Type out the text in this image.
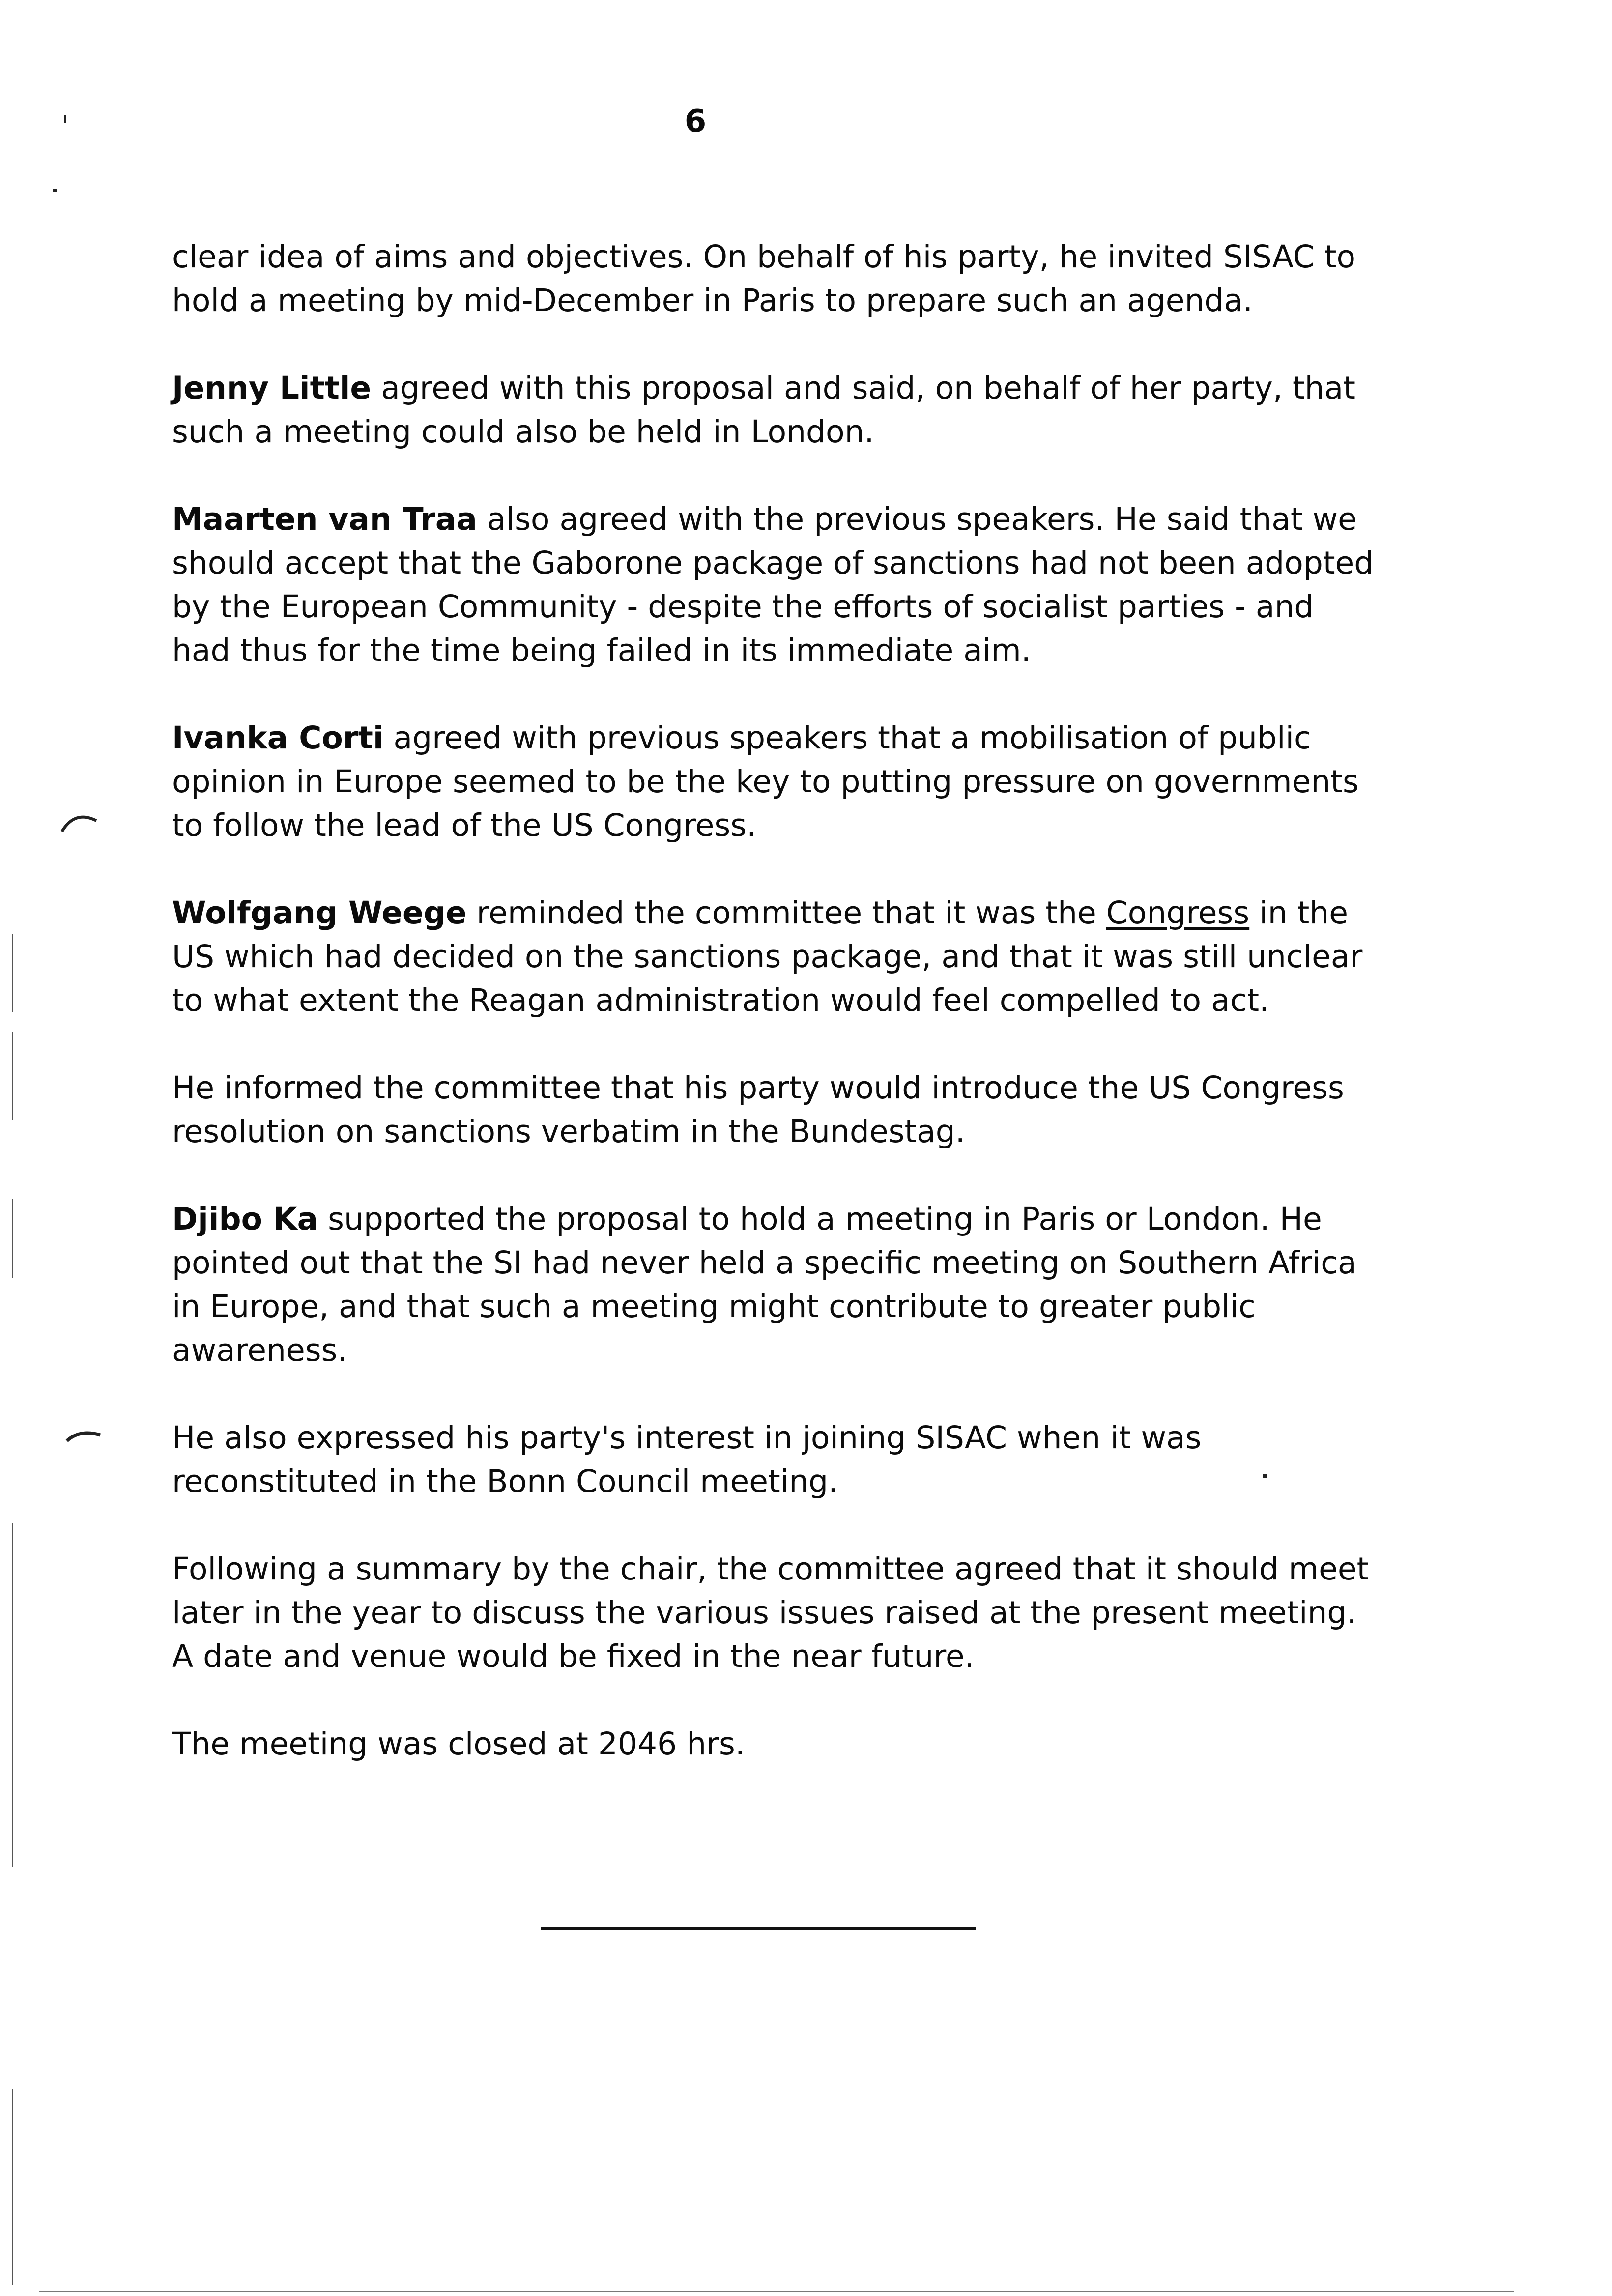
6

clear idea of aims and objectives. On behalf of his party, he invited SISAC to hold a meeting by mid-December in Paris to prepare such an agenda.

Jenny Little agreed with this proposal and said, on behalf of her party, that such a meeting could also be held in London.

Maarten van Traa also agreed with the previous speakers. He said that we should accept that the Gaborone package of sanctions had not been adopted by the European Community - despite the efforts of socialist parties - and had thus for the time being failed in its immediate aim.

Ivanka Corti agreed with previous speakers that a mobilisation of public opinion in Europe seemed to be the key to putting pressure on governments to follow the lead of the US Congress.

Wolfgang Weege reminded the committee that it was the Congress in the US which had decided on the sanctions package, and that it was still unclear to what extent the Reagan administration would feel compelled to act.

He informed the committee that his party would introduce the US Congress resolution on sanctions verbatim in the Bundestag.

Djibo Ka supported the proposal to hold a meeting in Paris or London. He pointed out that the SI had never held a specific meeting on Southern Africa in Europe, and that such a meeting might contribute to greater public awareness.

He also expressed his party's interest in joining SISAC when it was reconstituted in the Bonn Council meeting.

Following a summary by the chair, the committee agreed that it should meet later in the year to discuss the various issues raised at the present meeting. A date and venue would be fixed in the near future.

The meeting was closed at 2046 hrs.
